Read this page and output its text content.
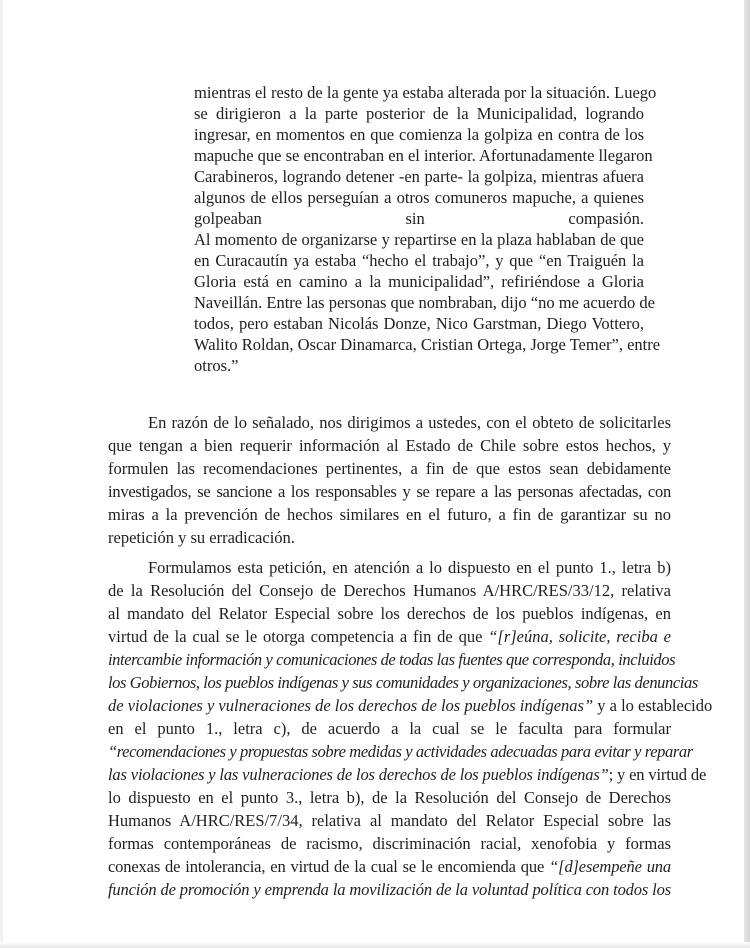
mientras el resto de la gente ya estaba alterada por la situación. Luego
se dirigieron a la parte posterior de la Municipalidad, logrando
ingresar, en momentos en que comienza la golpiza en contra de los
mapuche que se encontraban en el interior. Afortunadamente llegaron
Carabineros, logrando detener -en parte- la golpiza, mientras afuera
algunos de ellos perseguían a otros comuneros mapuche, a quienes
golpeaban sin compasión.
Al momento de organizarse y repartirse en la plaza hablaban de que
en Curacautín ya estaba “hecho el trabajo”, y que “en Traiguén la
Gloria está en camino a la municipalidad”, refiriéndose a Gloria
Naveillán. Entre las personas que nombraban, dijo “no me acuerdo de
todos, pero estaban Nicolás Donze, Nico Garstman, Diego Vottero,
Walito Roldan, Oscar Dinamarca, Cristian Ortega, Jorge Temer”, entre
otros.”
En razón de lo señalado, nos dirigimos a ustedes, con el obteto de solicitarles
que tengan a bien requerir información al Estado de Chile sobre estos hechos, y
formulen las recomendaciones pertinentes, a fin de que estos sean debidamente
investigados, se sancione a los responsables y se repare a las personas afectadas, con
miras a la prevención de hechos similares en el futuro, a fin de garantizar su no
repetición y su erradicación.
Formulamos esta petición, en atención a lo dispuesto en el punto 1., letra b)
de la Resolución del Consejo de Derechos Humanos A/HRC/RES/33/12, relativa
al mandato del Relator Especial sobre los derechos de los pueblos indígenas, en
virtud de la cual se le otorga competencia a fin de que “[r]eúna, solicite, reciba e
intercambie información y comunicaciones de todas las fuentes que corresponda, incluidos
los Gobiernos, los pueblos indígenas y sus comunidades y organizaciones, sobre las denuncias
de violaciones y vulneraciones de los derechos de los pueblos indígenas” y a lo establecido
en el punto 1., letra c), de acuerdo a la cual se le faculta para formular
“recomendaciones y propuestas sobre medidas y actividades adecuadas para evitar y reparar
las violaciones y las vulneraciones de los derechos de los pueblos indígenas”; y en virtud de
lo dispuesto en el punto 3., letra b), de la Resolución del Consejo de Derechos
Humanos A/HRC/RES/7/34, relativa al mandato del Relator Especial sobre las
formas contemporáneas de racismo, discriminación racial, xenofobia y formas
conexas de intolerancia, en virtud de la cual se le encomienda que “[d]esempeñe una
función de promoción y emprenda la movilización de la voluntad política con todos los
